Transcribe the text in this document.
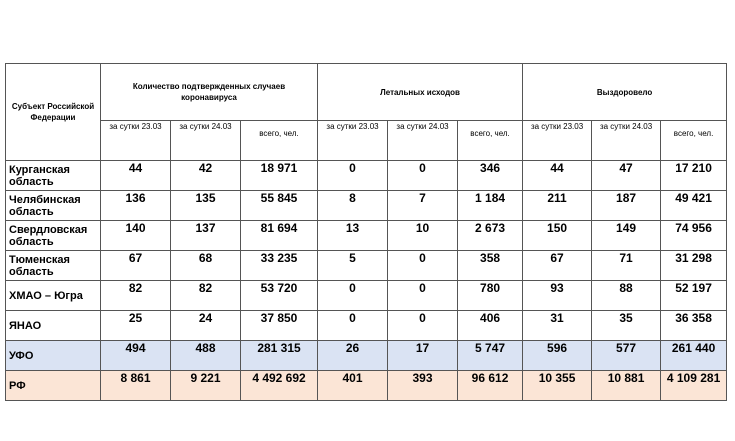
Субъект Российской Федерации	Количество подтвержденных случаев коронавируса			Летальных исходов			Выздоровело		
	за сутки 23.03	за сутки 24.03	всего, чел.	за сутки 23.03	за сутки 24.03	всего, чел.	за сутки 23.03	за сутки 24.03	всего, чел.
Курганская область	44	42	18 971	0	0	346	44	47	17 210
Челябинская область	136	135	55 845	8	7	1 184	211	187	49 421
Свердловская область	140	137	81 694	13	10	2 673	150	149	74 956
Тюменская область	67	68	33 235	5	0	358	67	71	31 298
ХМАО – Югра	82	82	53 720	0	0	780	93	88	52 197
ЯНАО	25	24	37 850	0	0	406	31	35	36 358
УФО	494	488	281 315	26	17	5 747	596	577	261 440
РФ	8 861	9 221	4 492 692	401	393	96 612	10 355	10 881	4 109 281
